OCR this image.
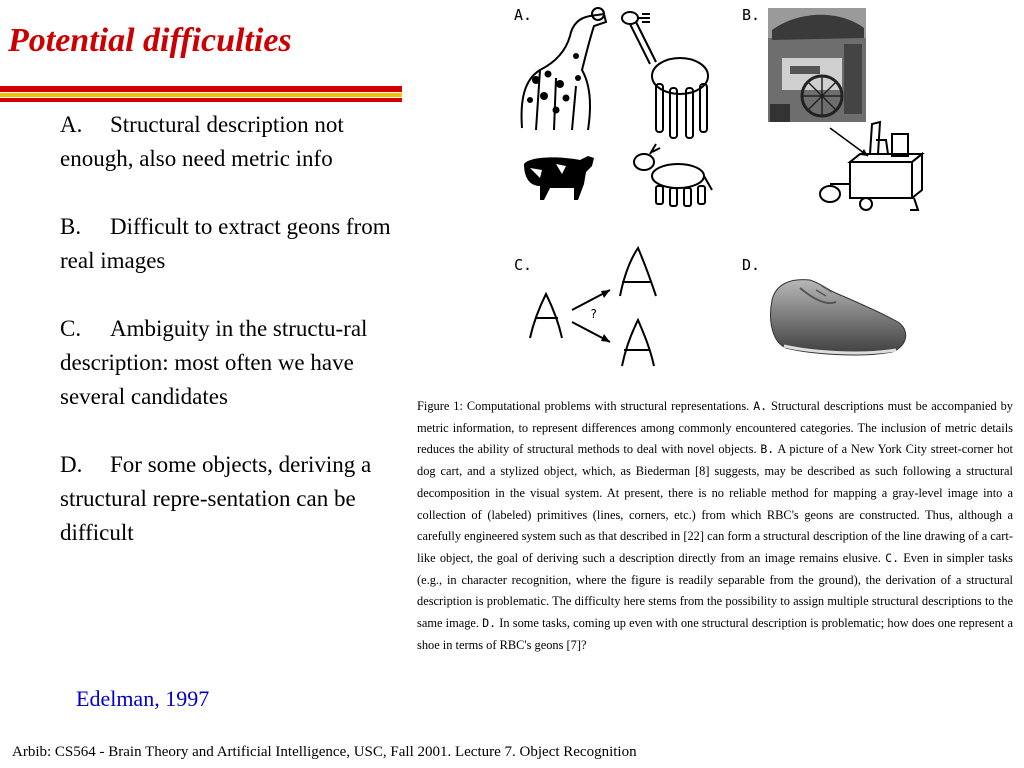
Potential difficulties
A. Structural description not enough, also need metric info
B. Difficult to extract geons from real images
C. Ambiguity in the structu-ral description: most often we have several candidates
D. For some objects, deriving a structural repre-sentation can be difficult
A.	B.
C.	D.
?
Figure 1: Computational problems with structural representations. A. Structural descriptions must be accompanied by metric information, to represent differences among commonly encountered categories. The inclusion of metric details reduces the ability of structural methods to deal with novel objects. B. A picture of a New York City street-corner hot dog cart, and a stylized object, which, as Biederman [8] suggests, may be described as such following a structural decomposition in the visual system. At present, there is no reliable method for mapping a gray-level image into a collection of (labeled) primitives (lines, corners, etc.) from which RBC's geons are constructed. Thus, although a carefully engineered system such as that described in [22] can form a structural description of the line drawing of a cart-like object, the goal of deriving such a description directly from an image remains elusive. C. Even in simpler tasks (e.g., in character recognition, where the figure is readily separable from the ground), the derivation of a structural description is problematic. The difficulty here stems from the possibility to assign multiple structural descriptions to the same image. D. In some tasks, coming up even with one structural description is problematic; how does one represent a shoe in terms of RBC's geons [7]?
Edelman, 1997
Arbib: CS564 - Brain Theory and Artificial Intelligence, USC, Fall 2001. Lecture 7. Object Recognition
